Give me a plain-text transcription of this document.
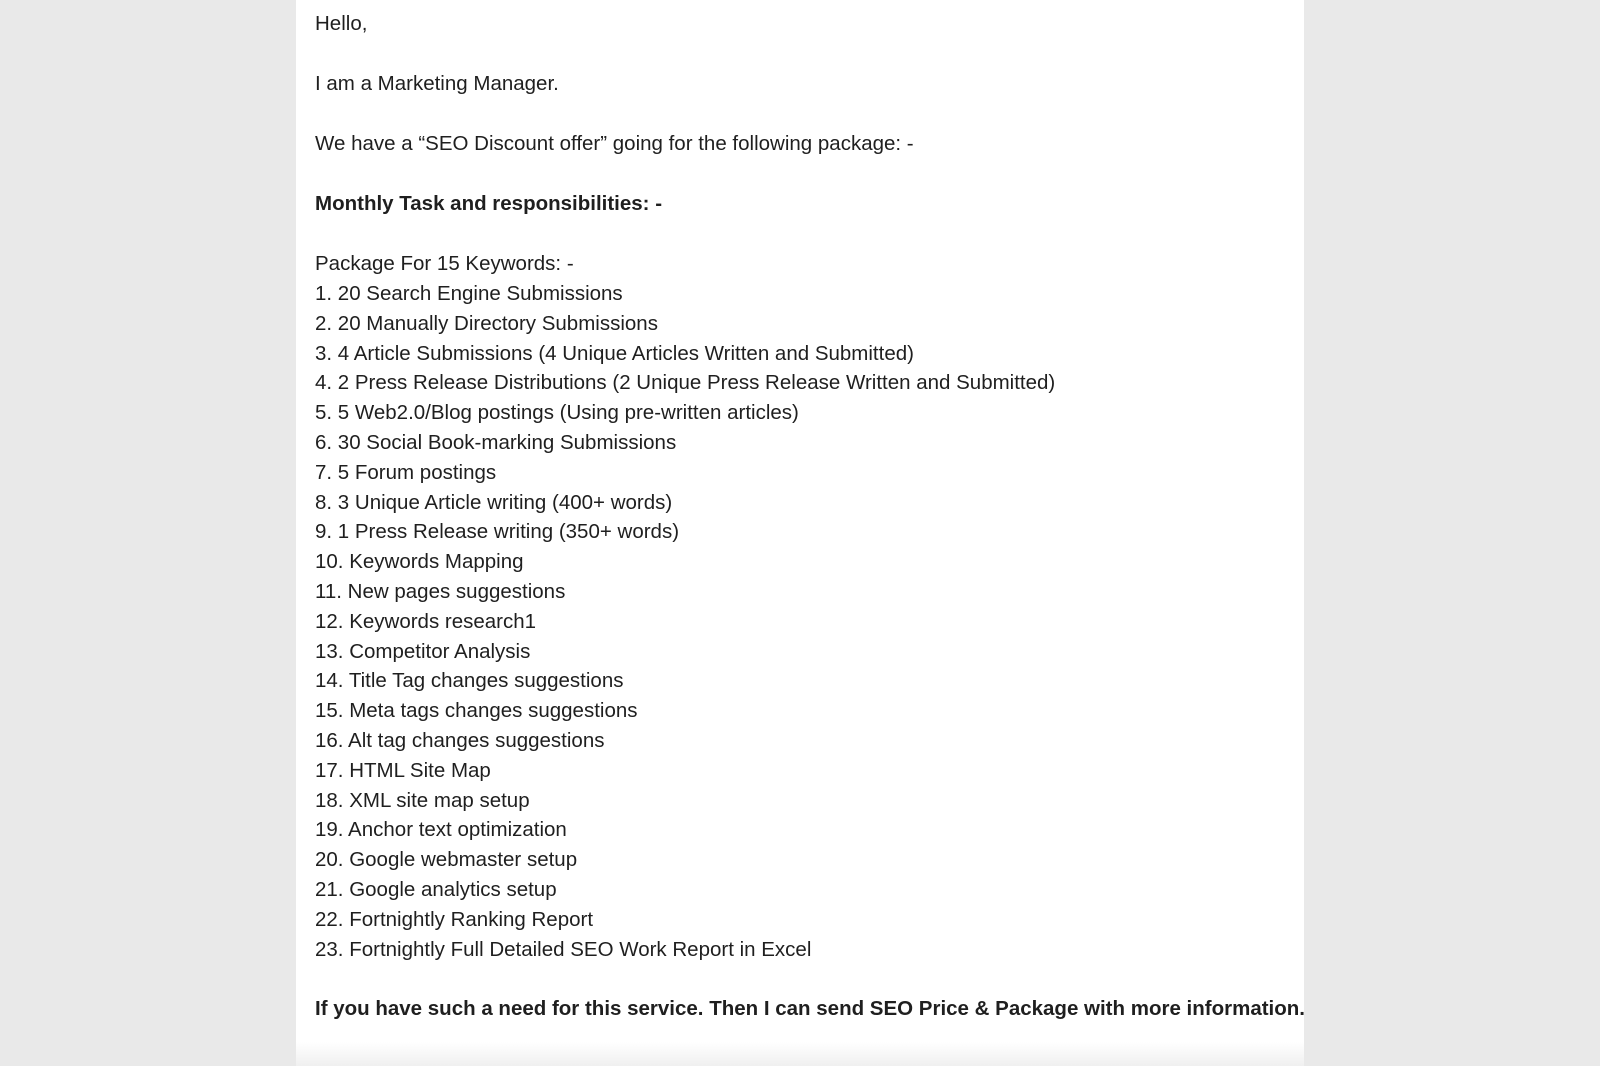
Hello,

I am a Marketing Manager.

We have a “SEO Discount offer” going for the following package: -

Monthly Task and responsibilities: -

Package For 15 Keywords: -

1. 20 Search Engine Submissions
2. 20 Manually Directory Submissions
3. 4 Article Submissions (4 Unique Articles Written and Submitted)
4. 2 Press Release Distributions (2 Unique Press Release Written and Submitted)
5. 5 Web2.0/Blog postings (Using pre-written articles)
6. 30 Social Book-marking Submissions
7. 5 Forum postings
8. 3 Unique Article writing (400+ words)
9. 1 Press Release writing (350+ words)
10. Keywords Mapping
11. New pages suggestions
12. Keywords research1
13. Competitor Analysis
14. Title Tag changes suggestions
15. Meta tags changes suggestions
16. Alt tag changes suggestions
17. HTML Site Map
18. XML site map setup
19. Anchor text optimization
20. Google webmaster setup
21. Google analytics setup
22. Fortnightly Ranking Report
23. Fortnightly Full Detailed SEO Work Report in Excel

If you have such a need for this service. Then I can send SEO Price & Package with more information.
